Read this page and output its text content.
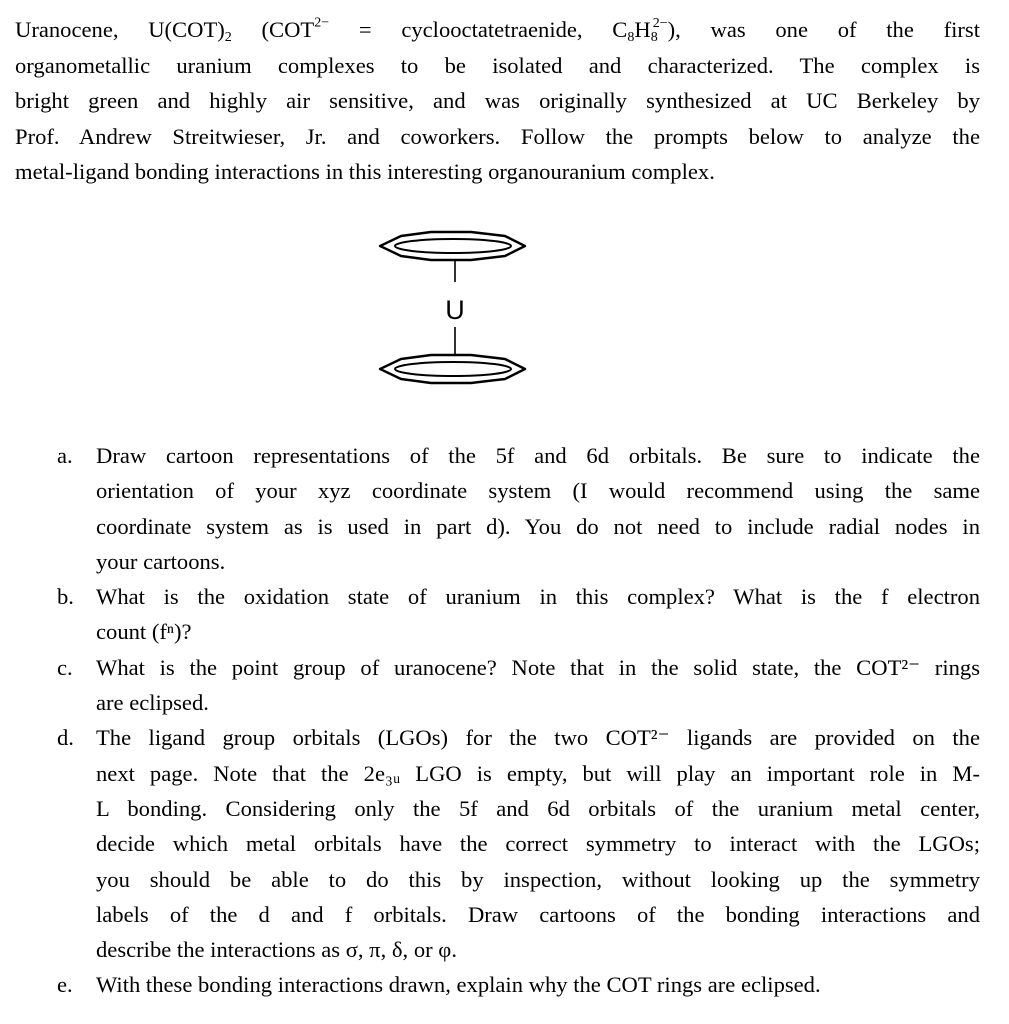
Uranocene, $U(COT)_2$ ($COT^{2-}$ = cyclooctatetraenide, $C_8H_8^{2-}$), was one of the first
organometallic uranium complexes to be isolated and characterized. The complex is
bright green and highly air sensitive, and was originally synthesized at UC Berkeley by
Prof. Andrew Streitwieser, Jr. and coworkers. Follow the prompts below to analyze the
metal-ligand bonding interactions in this interesting organouranium complex.
U
a. Draw cartoon representations of the 5f and 6d orbitals. Be sure to indicate the
orientation of your xyz coordinate system (I would recommend using the same
coordinate system as is used in part d). You do not need to include radial nodes in
your cartoons.
b. What is the oxidation state of uranium in this complex? What is the f electron
count (fⁿ)?
c. What is the point group of uranocene? Note that in the solid state, the COT²⁻ rings
are eclipsed.
d. The ligand group orbitals (LGOs) for the two COT²⁻ ligands are provided on the
next page. Note that the 2e₃ᵤ LGO is empty, but will play an important role in M-
L bonding. Considering only the 5f and 6d orbitals of the uranium metal center,
decide which metal orbitals have the correct symmetry to interact with the LGOs;
you should be able to do this by inspection, without looking up the symmetry
labels of the d and f orbitals. Draw cartoons of the bonding interactions and
describe the interactions as σ, π, δ, or φ.
e. With these bonding interactions drawn, explain why the COT rings are eclipsed.
